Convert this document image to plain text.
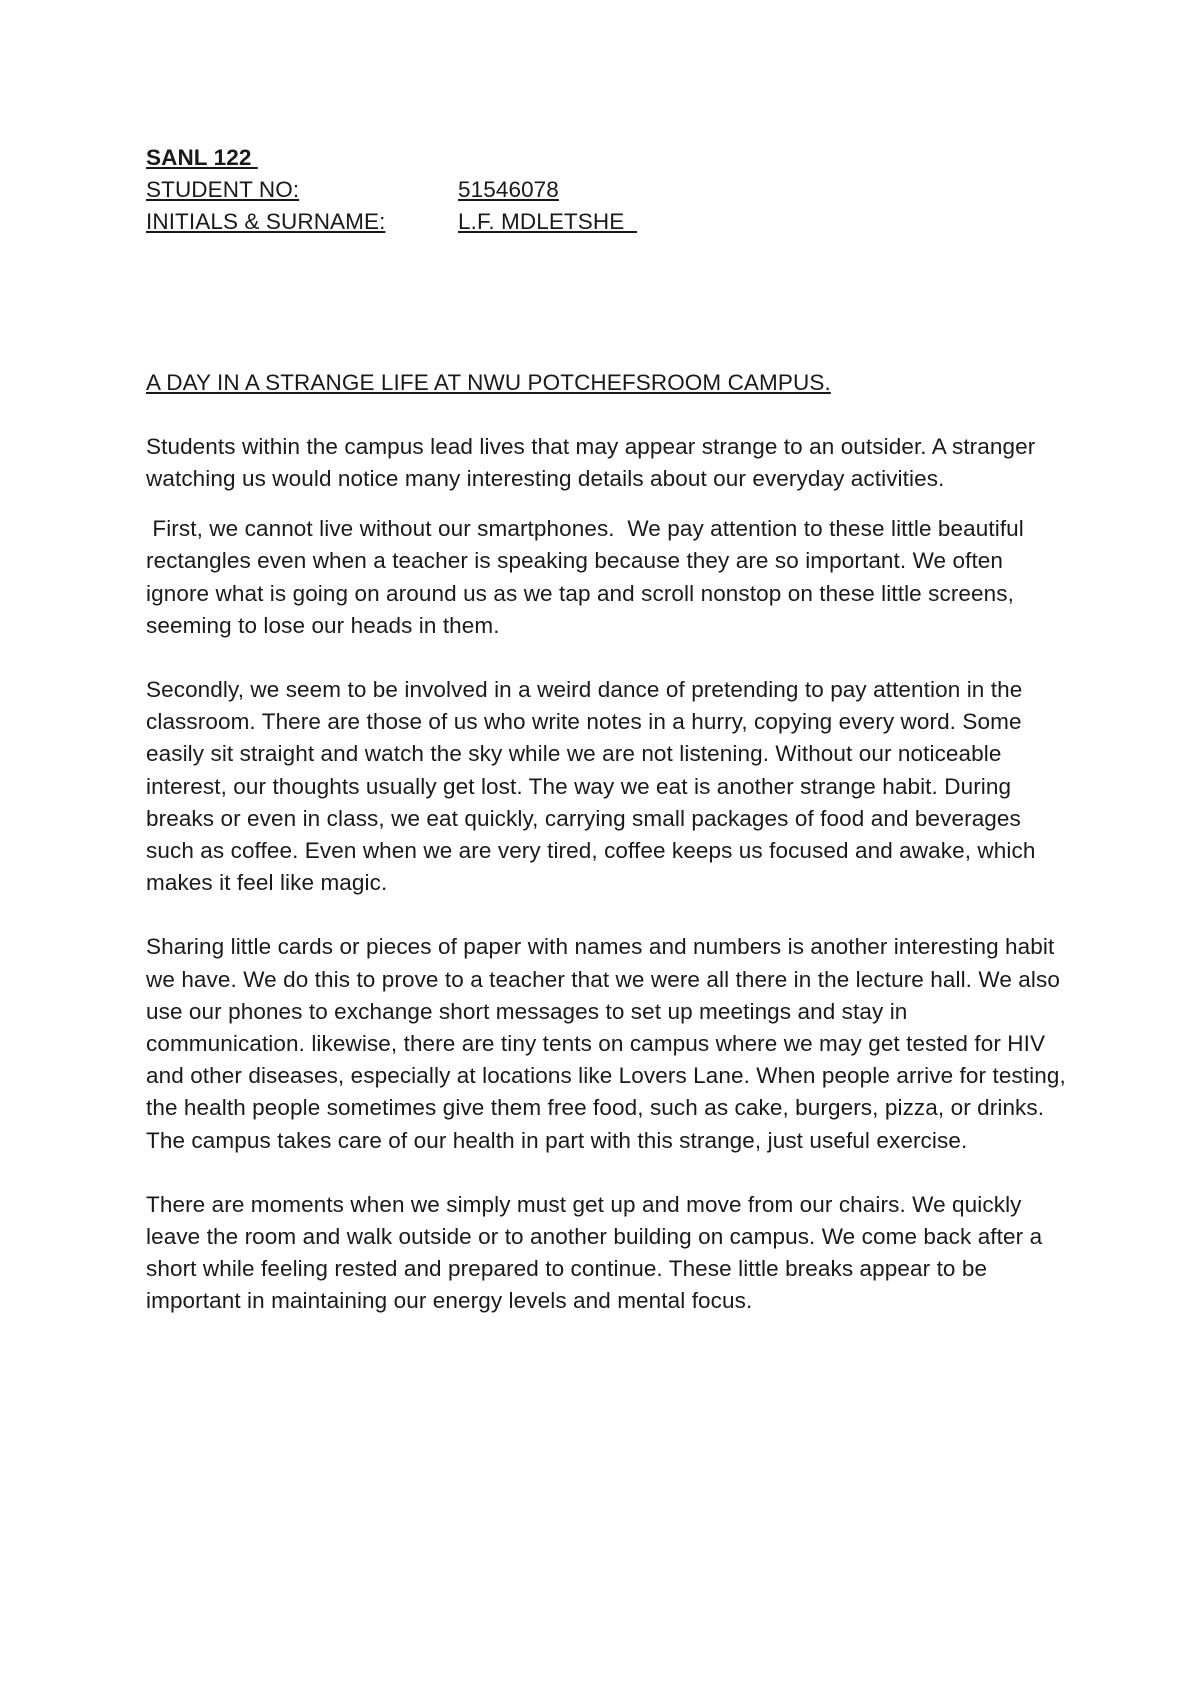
SANL 122
STUDENT NO:	51546078
INITIALS & SURNAME:	L.F. MDLETSHE
A DAY IN A STRANGE LIFE AT NWU POTCHEFSROOM CAMPUS.

Students within the campus lead lives that may appear strange to an outsider. A stranger watching us would notice many interesting details about our everyday activities.

First, we cannot live without our smartphones.  We pay attention to these little beautiful rectangles even when a teacher is speaking because they are so important. We often ignore what is going on around us as we tap and scroll nonstop on these little screens, seeming to lose our heads in them.

Secondly, we seem to be involved in a weird dance of pretending to pay attention in the classroom. There are those of us who write notes in a hurry, copying every word. Some easily sit straight and watch the sky while we are not listening. Without our noticeable interest, our thoughts usually get lost. The way we eat is another strange habit. During breaks or even in class, we eat quickly, carrying small packages of food and beverages such as coffee. Even when we are very tired, coffee keeps us focused and awake, which makes it feel like magic.

Sharing little cards or pieces of paper with names and numbers is another interesting habit we have. We do this to prove to a teacher that we were all there in the lecture hall. We also use our phones to exchange short messages to set up meetings and stay in communication. likewise, there are tiny tents on campus where we may get tested for HIV and other diseases, especially at locations like Lovers Lane. When people arrive for testing, the health people sometimes give them free food, such as cake, burgers, pizza, or drinks. The campus takes care of our health in part with this strange, just useful exercise.

There are moments when we simply must get up and move from our chairs. We quickly leave the room and walk outside or to another building on campus. We come back after a short while feeling rested and prepared to continue. These little breaks appear to be important in maintaining our energy levels and mental focus.
